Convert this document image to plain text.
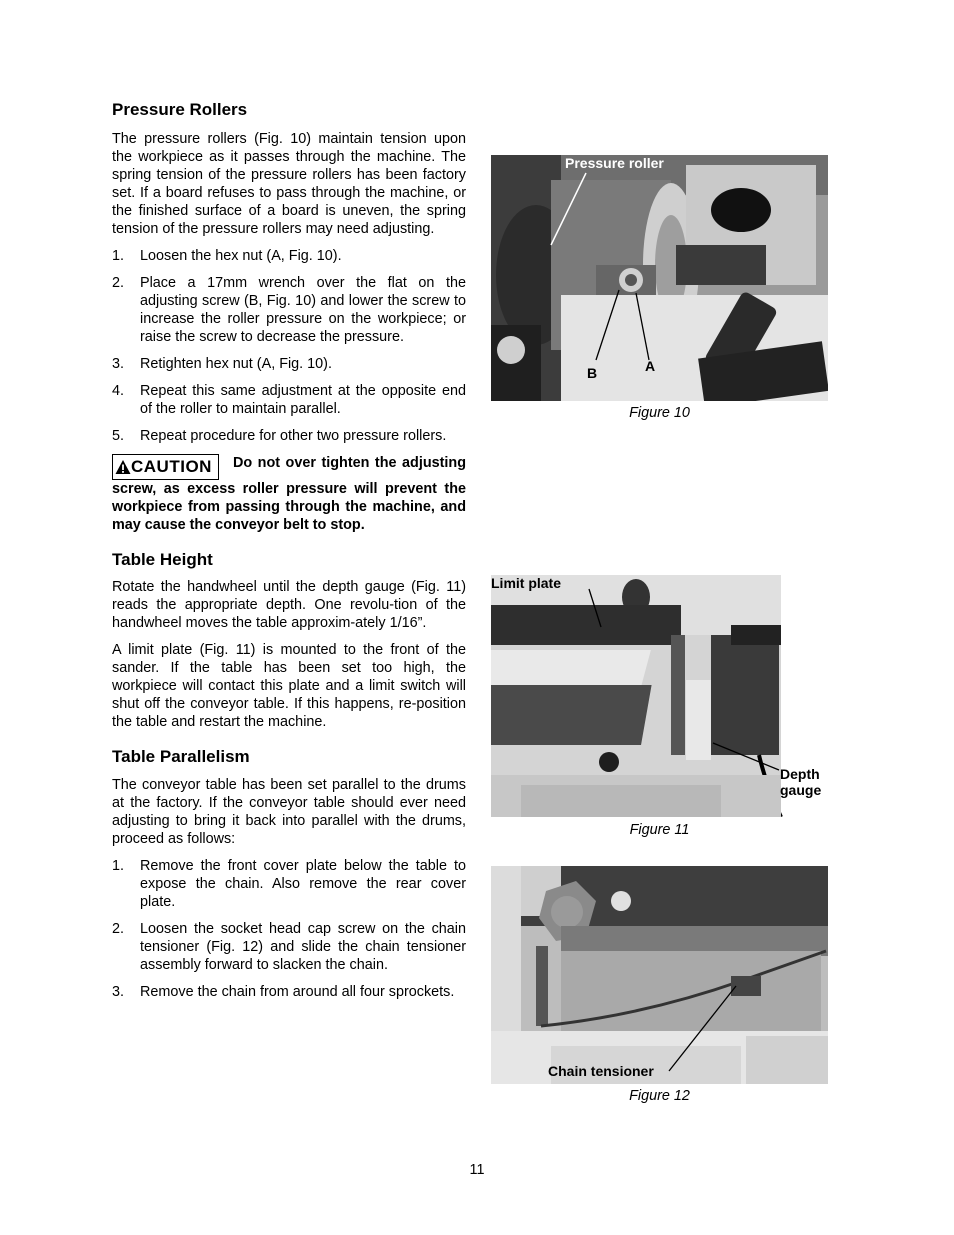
Pressure Rollers

The pressure rollers (Fig. 10) maintain tension upon the workpiece as it passes through the machine. The spring tension of the pressure rollers has been factory set. If a board refuses to pass through the machine, or the finished surface of a board is uneven, the spring tension of the pressure rollers may need adjusting.

1. Loosen the hex nut (A, Fig. 10).
2. Place a 17mm wrench over the flat on the adjusting screw (B, Fig. 10) and lower the screw to increase the roller pressure on the workpiece; or raise the screw to decrease the pressure.
3. Retighten hex nut (A, Fig. 10).
4. Repeat this same adjustment at the opposite end of the roller to maintain parallel.
5. Repeat procedure for other two pressure rollers.
CAUTION Do not over tighten the adjusting screw, as excess roller pressure will prevent the workpiece from passing through the machine, and may cause the conveyor belt to stop.
Table Height

Rotate the handwheel until the depth gauge (Fig. 11) reads the appropriate depth. One revolu-tion of the handwheel moves the table approxim-ately 1/16”.

A limit plate (Fig. 11) is mounted to the front of the sander. If the table has been set too high, the workpiece will contact this plate and a limit switch will shut off the conveyor table. If this happens, re-position the table and restart the machine.

Table Parallelism

The conveyor table has been set parallel to the drums at the factory. If the conveyor table should ever need adjusting to bring it back into parallel with the drums, proceed as follows:

1. Remove the front cover plate below the table to expose the chain. Also remove the rear cover plate.
2. Loosen the socket head cap screw on the chain tensioner (Fig. 12) and slide the chain tensioner assembly forward to slacken the chain.
3. Remove the chain from around all four sprockets.
Pressure roller
B	A
Figure 10
Limit plate
Depth
gauge
Figure 11
Chain tensioner
Figure 12
11
